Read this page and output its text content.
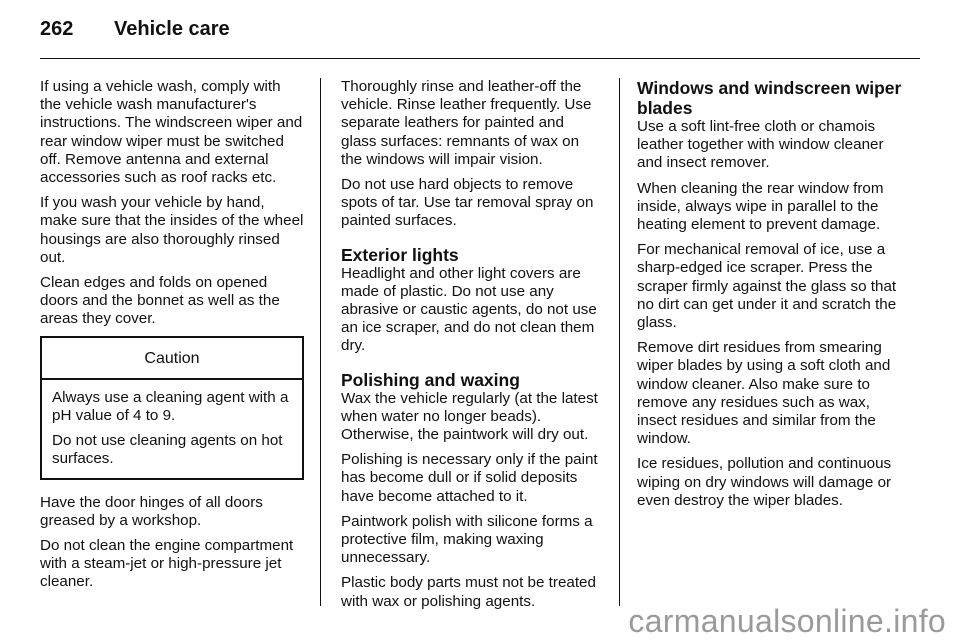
262 Vehicle care

If using a vehicle wash, comply with the vehicle wash manufacturer's instructions. The windscreen wiper and rear window wiper must be switched off. Remove antenna and external accessories such as roof racks etc.

If you wash your vehicle by hand, make sure that the insides of the wheel housings are also thoroughly rinsed out.

Clean edges and folds on opened doors and the bonnet as well as the areas they cover.

Caution

Always use a cleaning agent with a pH value of 4 to 9.

Do not use cleaning agents on hot surfaces.

Have the door hinges of all doors greased by a workshop.

Do not clean the engine compartment with a steam-jet or high-pressure jet cleaner.

Thoroughly rinse and leather-off the vehicle. Rinse leather frequently. Use separate leathers for painted and glass surfaces: remnants of wax on the windows will impair vision.

Do not use hard objects to remove spots of tar. Use tar removal spray on painted surfaces.

Exterior lights

Headlight and other light covers are made of plastic. Do not use any abrasive or caustic agents, do not use an ice scraper, and do not clean them dry.

Polishing and waxing

Wax the vehicle regularly (at the latest when water no longer beads). Otherwise, the paintwork will dry out.

Polishing is necessary only if the paint has become dull or if solid deposits have become attached to it.

Paintwork polish with silicone forms a protective film, making waxing unnecessary.

Plastic body parts must not be treated with wax or polishing agents.

Windows and windscreen wiper blades

Use a soft lint-free cloth or chamois leather together with window cleaner and insect remover.

When cleaning the rear window from inside, always wipe in parallel to the heating element to prevent damage.

For mechanical removal of ice, use a sharp-edged ice scraper. Press the scraper firmly against the glass so that no dirt can get under it and scratch the glass.

Remove dirt residues from smearing wiper blades by using a soft cloth and window cleaner. Also make sure to remove any residues such as wax, insect residues and similar from the window.

Ice residues, pollution and continuous wiping on dry windows will damage or even destroy the wiper blades.

carmanualsonline.info
